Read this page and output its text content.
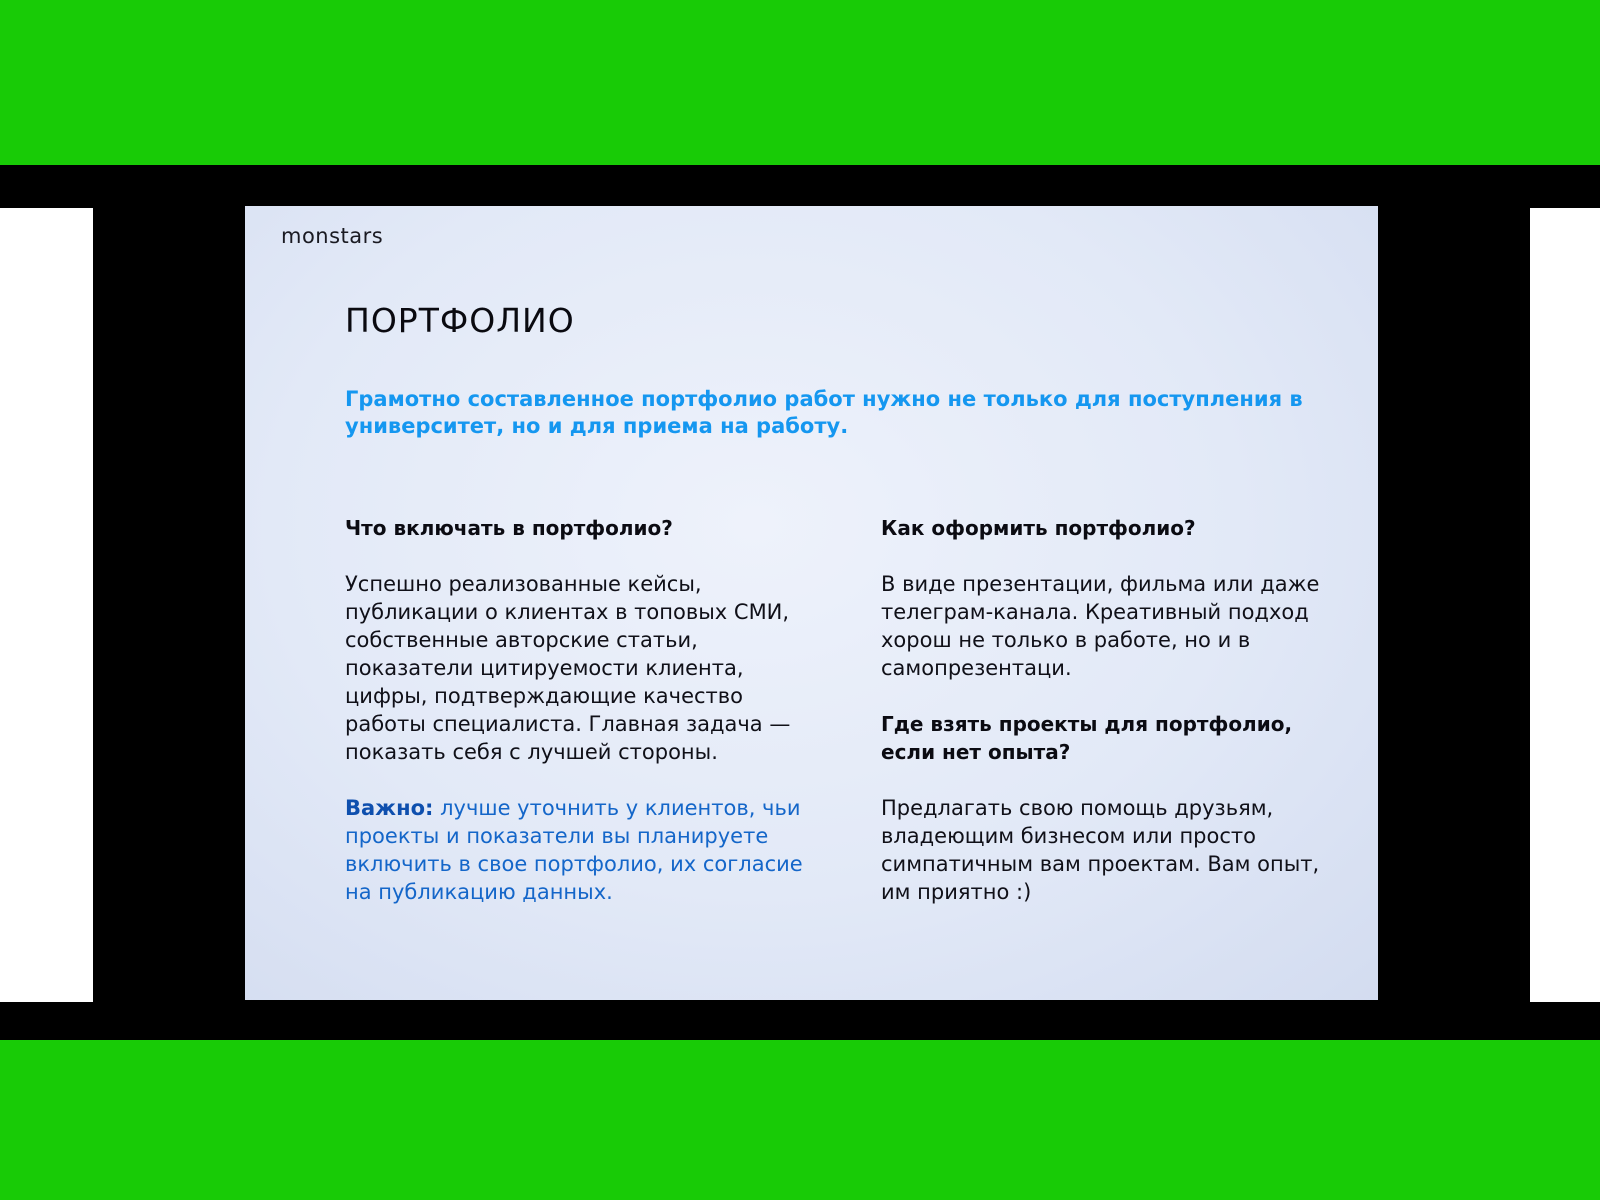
monstars
ПОРТФОЛИО

Грамотно составленное портфолио работ нужно не только для поступления в университет, но и для приема на работу.

Что включать в портфолио?

Успешно реализованные кейсы, публикации о клиентах в топовых СМИ, собственные авторские статьи, показатели цитируемости клиента, цифры, подтверждающие качество работы специалиста. Главная задача — показать себя с лучшей стороны.

Важно: лучше уточнить у клиентов, чьи проекты и показатели вы планируете включить в свое портфолио, их согласие на публикацию данных.

Как оформить портфолио?

В виде презентации, фильма или даже телеграм-канала. Креативный подход хорош не только в работе, но и в самопрезентаци.

Где взять проекты для портфолио, если нет опыта?

Предлагать свою помощь друзьям, владеющим бизнесом или просто симпатичным вам проектам. Вам опыт, им приятно :)
